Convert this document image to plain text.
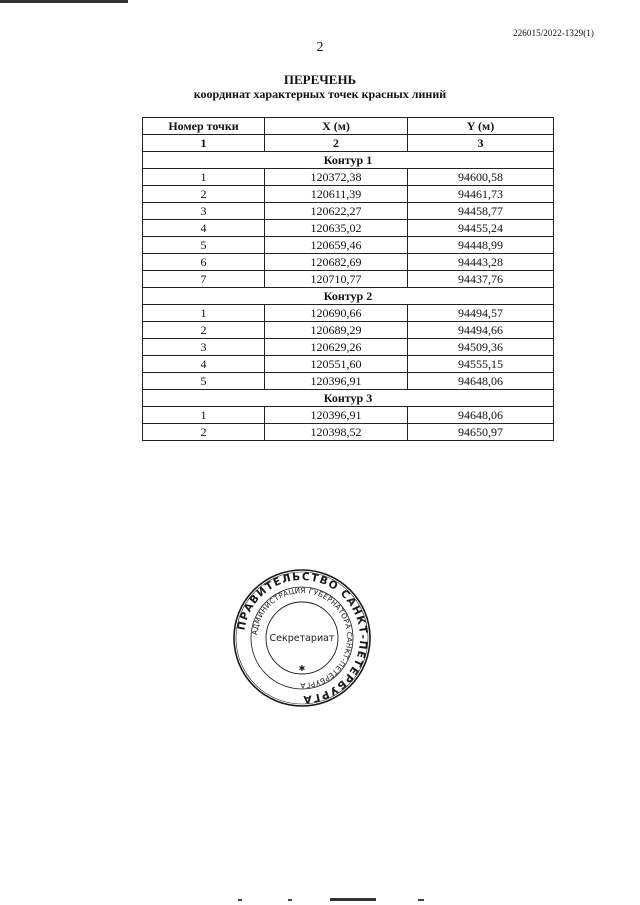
226015/2022-1329(1)
2
ПЕРЕЧЕНЬ
координат характерных точек красных линий
Номер точки	X (м)	Y (м)
1	2	3
Контур 1		
1	120372,38	94600,58
2	120611,39	94461,73
3	120622,27	94458,77
4	120635,02	94455,24
5	120659,46	94448,99
6	120682,69	94443,28
7	120710,77	94437,76
Контур 2		
1	120690,66	94494,57
2	120689,29	94494,66
3	120629,26	94509,36
4	120551,60	94555,15
5	120396,91	94648,06
Контур 3		
1	120396,91	94648,06
2	120398,52	94650,97
ПРАВИТЕЛЬСТВО САНКТ-ПЕТЕРБУРГА
АДМИНИСТРАЦИЯ ГУБЕРНАТОРА САНКТ-ПЕТЕРБУРГА
Секретариат
✱
